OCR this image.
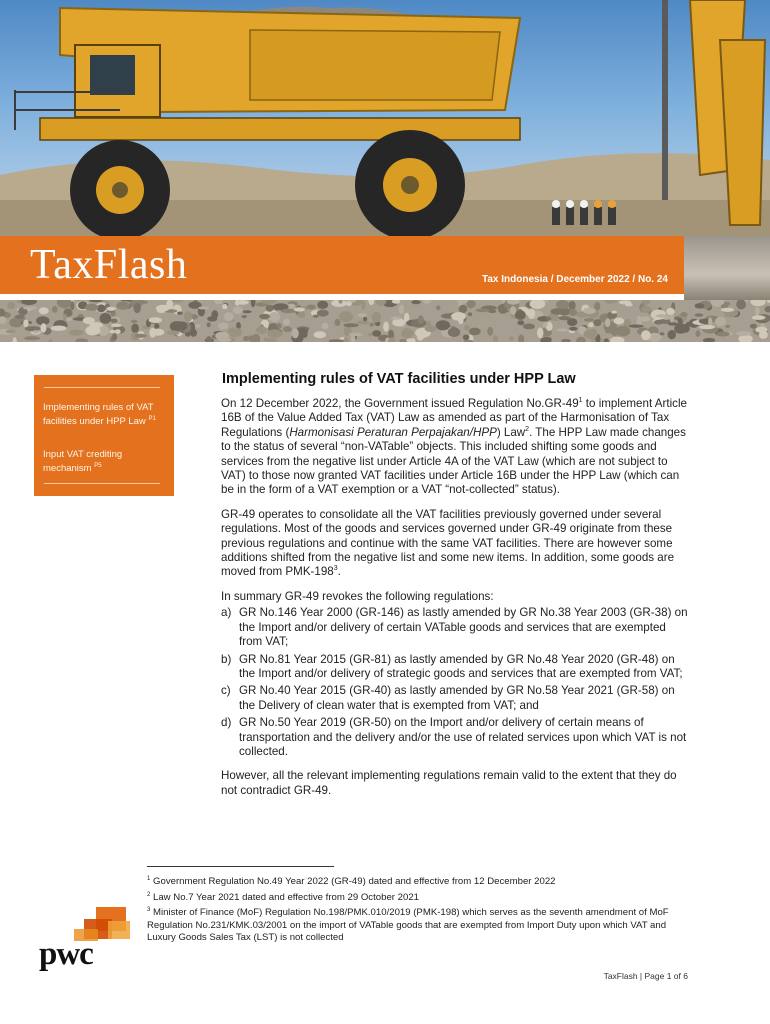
TaxFlash	Tax Indonesia / December 2022 / No. 24
Implementing rules of VAT facilities under HPP Law $^{P1}$
Input VAT crediting mechanism $^{P5}$
Implementing rules of VAT facilities under HPP Law

On 12 December 2022, the Government issued Regulation $No.GR-49^1$ to implement Article 16B of the Value Added Tax (VAT) Law as amended as part of the Harmonisation of Tax Regulations (Harmonisasi Peraturan Perpajakan/HPP) Law$^2$. The HPP Law made changes to the status of several “non-VATable” objects. This included shifting some goods and services from the negative list under Article 4A of the VAT Law (which are not subject to VAT) to those now granted VAT facilities under Article 16B under the HPP Law (which can be in the form of a VAT exemption or a VAT “not-collected” status).

GR-49 operates to consolidate all the VAT facilities previously governed under several regulations. Most of the goods and services governed under GR-49 originate from these previous regulations and continue with the same VAT facilities. There are however some additions shifted from the negative list and some new items. In addition, some goods are moved from PMK-$198^3$.

In summary GR-49 revokes the following regulations:

a) GR No.146 Year 2000 (GR-146) as lastly amended by GR No.38 Year 2003 (GR-38) on the Import and/or delivery of certain VATable goods and services that are exempted from VAT;
b) GR No.81 Year 2015 (GR-81) as lastly amended by GR No.48 Year 2020 (GR-48) on the Import and/or delivery of strategic goods and services that are exempted from VAT;
c) GR No.40 Year 2015 (GR-40) as lastly amended by GR No.58 Year 2021 (GR-58) on the Delivery of clean water that is exempted from VAT; and
d) GR No.50 Year 2019 (GR-50) on the Import and/or delivery of certain means of transportation and the delivery and/or the use of related services upon which VAT is not collected.

However, all the relevant implementing regulations remain valid to the extent that they do not contradict GR-49.

$^1$ Government Regulation No.49 Year 2022 (GR-49) dated and effective from 12 December 2022

$^2$ Law No.7 Year 2021 dated and effective from 29 October 2021

$^3$ Minister of Finance (MoF) Regulation No.198/PMK.010/2019 (PMK-198) which serves as the seventh amendment of MoF Regulation No.231/KMK.03/2001 on the import of VATable goods that are exempted from Import Duty upon which VAT and Luxury Goods Sales Tax (LST) is not collected

pwc
TaxFlash | Page 1 of 6
